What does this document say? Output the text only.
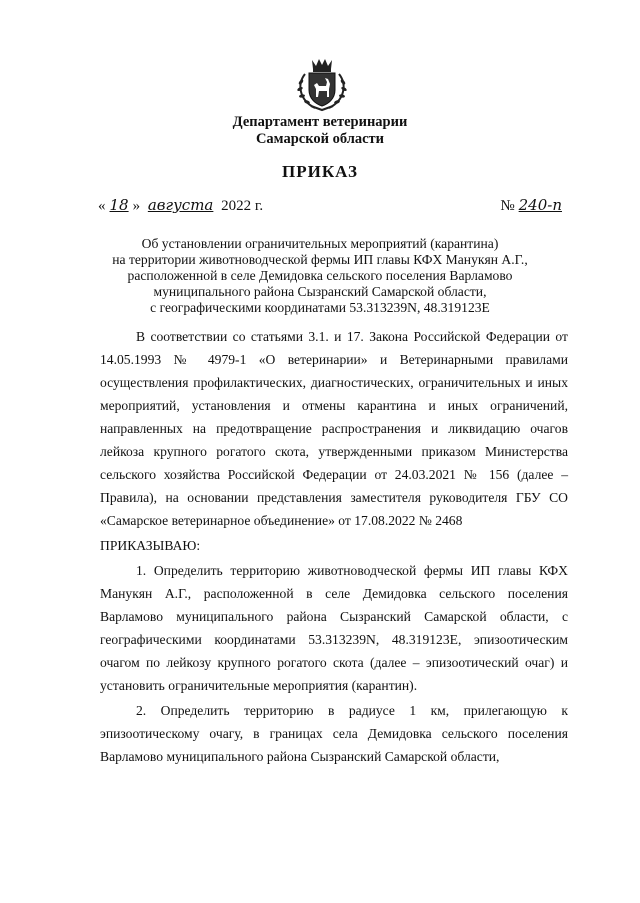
Департамент ветеринарии
Самарской области
ПРИКАЗ
« 18 » августа 2022 г.	№ 240-п
Об установлении ограничительных мероприятий (карантина)
на территории животноводческой фермы ИП главы КФХ Манукян А.Г.,
расположенной в селе Демидовка сельского поселения Варламово
муниципального района Сызранский Самарской области,
с географическими координатами 53.313239N, 48.319123E

В соответствии со статьями 3.1. и 17. Закона Российской Федерации от 14.05.1993 № 4979-1 «О ветеринарии» и Ветеринарными правилами осуществления профилактических, диагностических, ограничительных и иных мероприятий, установления и отмены карантина и иных ограничений, направленных на предотвращение распространения и ликвидацию очагов лейкоза крупного рогатого скота, утвержденными приказом Министерства сельского хозяйства Российской Федерации от 24.03.2021 № 156 (далее – Правила), на основании представления заместителя руководителя ГБУ СО «Самарское ветеринарное объединение» от 17.08.2022 № 2468

ПРИКАЗЫВАЮ:

1. Определить территорию животноводческой фермы ИП главы КФХ Манукян А.Г., расположенной в селе Демидовка сельского поселения Варламово муниципального района Сызранский Самарской области, с географическими координатами 53.313239N, 48.319123E, эпизоотическим очагом по лейкозу крупного рогатого скота (далее – эпизоотический очаг) и установить ограничительные мероприятия (карантин).

2. Определить территорию в радиусе 1 км, прилегающую к эпизоотическому очагу, в границах села Демидовка сельского поселения Варламово муниципального района Сызранский Самарской области,
